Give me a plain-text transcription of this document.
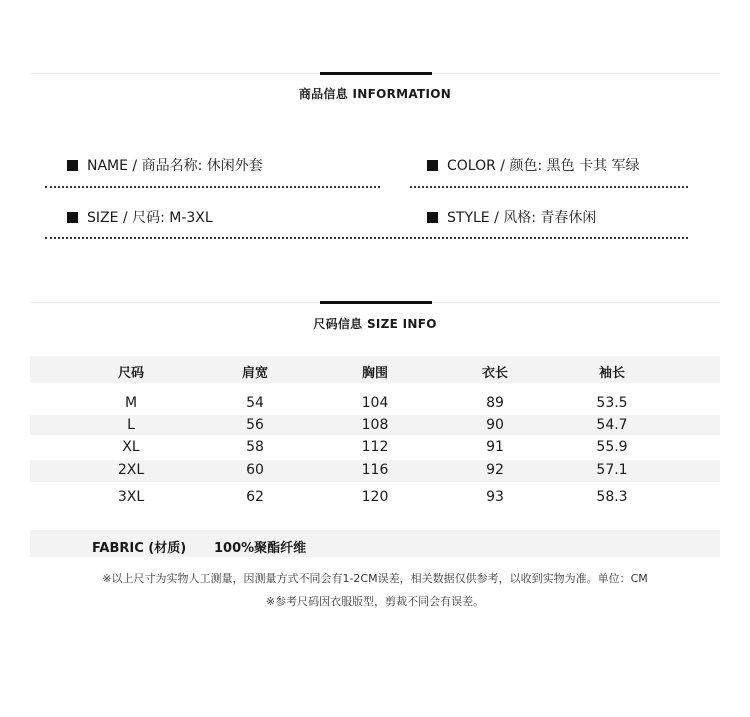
商品信息 INFORMATION
NAME / 商品名称: 休闲外套	COLOR / 颜色: 黑色 卡其 军绿
SIZE / 尺码: M-3XL	STYLE / 风格: 青春休闲
尺码信息 SIZE INFO
尺码	肩宽	胸围	衣长	袖长
M	54	104	89	53.5
L	56	108	90	54.7
XL	58	112	91	55.9
2XL	60	116	92	57.1
3XL	62	120	93	58.3
FABRIC (材质) 100%聚酯纤维
※以上尺寸为实物人工测量，因测量方式不同会有1-2CM误差，相关数据仅供参考，以收到实物为准。单位：CM
※参考尺码因衣服版型，剪裁不同会有误差。
